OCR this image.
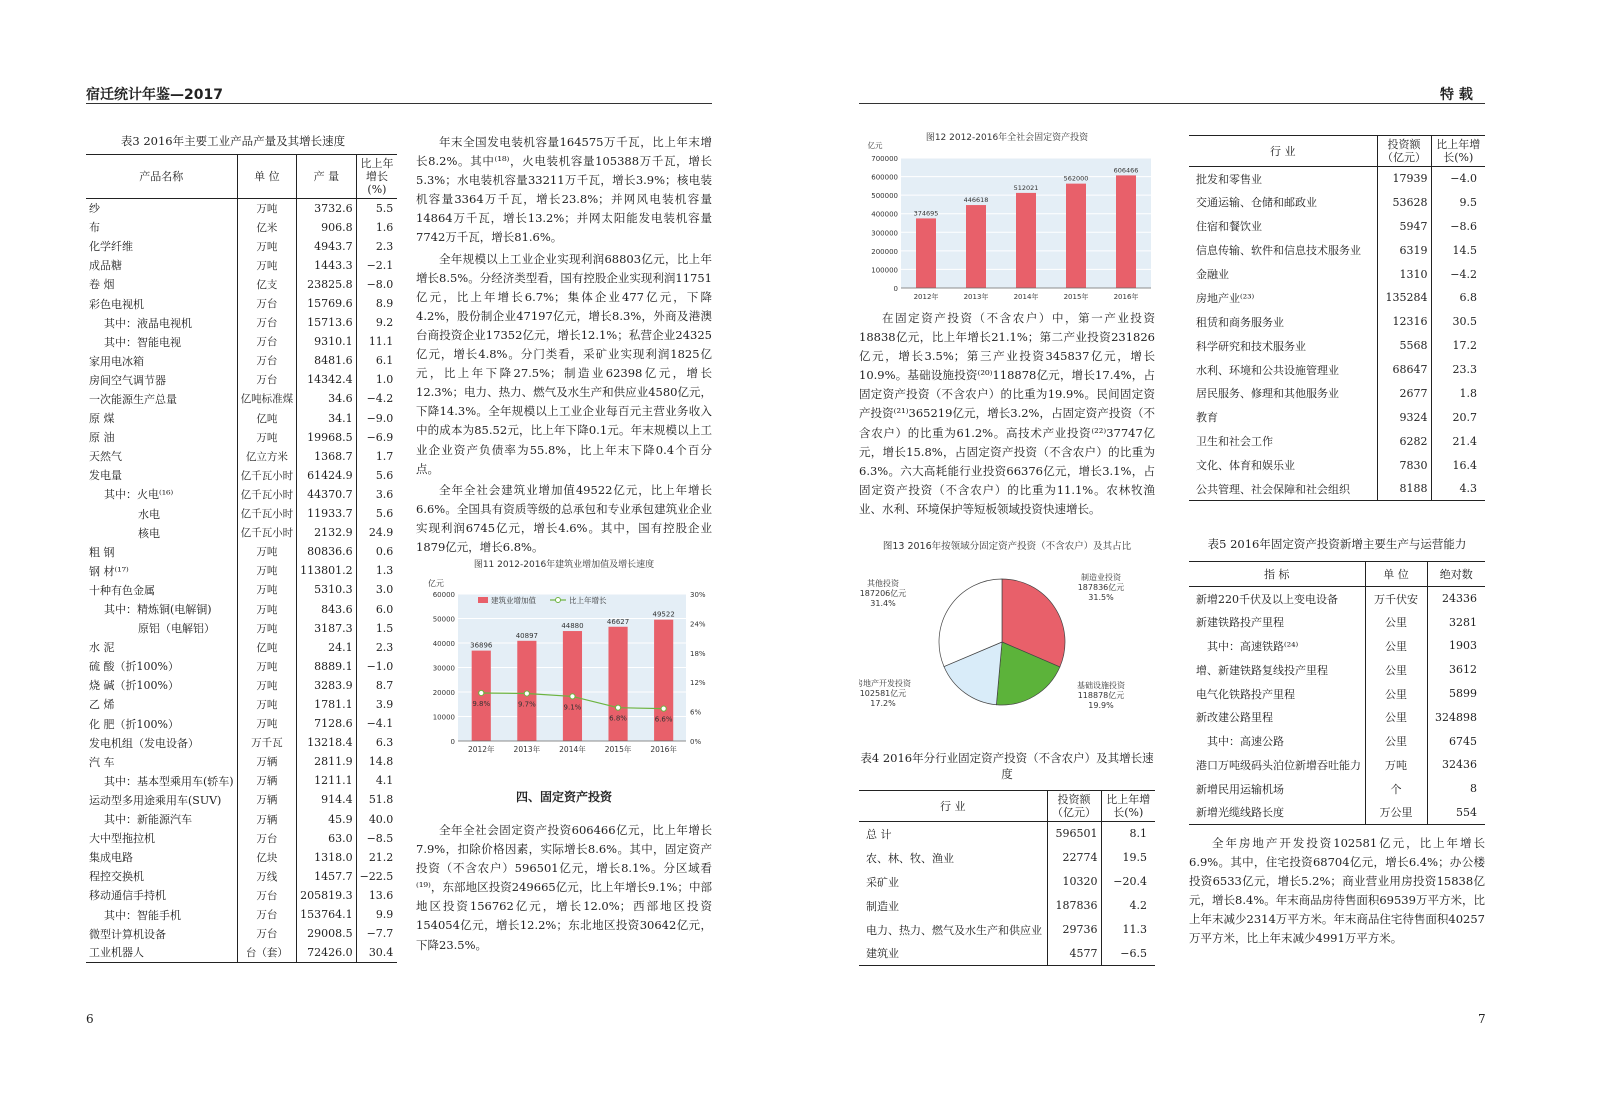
宿迁统计年鉴—2017	特 载
6	7
表3 2016年主要工业产品产量及其增长速度
产品名称	单 位	产 量	比上年增长(%)
纱	万吨	3732.6	5.5
布	亿米	906.8	1.6
化学纤维	万吨	4943.7	2.3
成品糖	万吨	1443.3	−2.1
卷 烟	亿支	23825.8	−8.0
彩色电视机	万台	15769.6	8.9
其中：液晶电视机	万台	15713.6	9.2
其中：智能电视	万台	9310.1	11.1
家用电冰箱	万台	8481.6	6.1
房间空气调节器	万台	14342.4	1.0
一次能源生产总量	亿吨标准煤	34.6	−4.2
原 煤	亿吨	34.1	−9.0
原 油	万吨	19968.5	−6.9
天然气	亿立方米	1368.7	1.7
发电量	亿千瓦小时	61424.9	5.6
其中：火电⁽¹⁶⁾	亿千瓦小时	44370.7	3.6
水电	亿千瓦小时	11933.7	5.6
核电	亿千瓦小时	2132.9	24.9
粗 钢	万吨	80836.6	0.6
钢 材⁽¹⁷⁾	万吨	113801.2	1.3
十种有色金属	万吨	5310.3	3.0
其中：精炼铜(电解铜)	万吨	843.6	6.0
原铝（电解铝）	万吨	3187.3	1.5
水 泥	亿吨	24.1	2.3
硫 酸（折100%）	万吨	8889.1	−1.0
烧 碱（折100%）	万吨	3283.9	8.7
乙 烯	万吨	1781.1	3.9
化 肥（折100%）	万吨	7128.6	−4.1
发电机组（发电设备）	万千瓦	13218.4	6.3
汽 车	万辆	2811.9	14.8
其中：基本型乘用车(轿车)	万辆	1211.1	4.1
运动型多用途乘用车(SUV)	万辆	914.4	51.8
其中：新能源汽车	万辆	45.9	40.0
大中型拖拉机	万台	63.0	−8.5
集成电路	亿块	1318.0	21.2
程控交换机	万线	1457.7	−22.5
移动通信手持机	万台	205819.3	13.6
其中：智能手机	万台	153764.1	9.9
微型计算机设备	万台	29008.5	−7.7
工业机器人	台（套）	72426.0	30.4

年末全国发电装机容量164575万千瓦，比上年末增长8.2%。其中⁽¹⁸⁾，火电装机容量105388万千瓦，增长5.3%；水电装机容量33211万千瓦，增长3.9%；核电装机容量3364万千瓦，增长23.8%；并网风电装机容量14864万千瓦，增长13.2%；并网太阳能发电装机容量7742万千瓦，增长81.6%。

全年规模以上工业企业实现利润68803亿元，比上年增长8.5%。分经济类型看，国有控股企业实现利润11751亿元，比上年增长6.7%；集体企业477亿元，下降4.2%，股份制企业47197亿元，增长8.3%，外商及港澳台商投资企业17352亿元，增长12.1%；私营企业24325亿元，增长4.8%。分门类看，采矿业实现利润1825亿元，比上年下降27.5%；制造业62398亿元，增长12.3%；电力、热力、燃气及水生产和供应业4580亿元，下降14.3%。全年规模以上工业企业每百元主营业务收入中的成本为85.52元，比上年下降0.1元。年末规模以上工业企业资产负债率为55.8%，比上年末下降0.4个百分点。

全年全社会建筑业增加值49522亿元，比上年增长6.6%。全国具有资质等级的总承包和专业承包建筑业企业实现利润6745亿元，增长4.6%。其中，国有控股企业1879亿元，增长6.8%。

图11 2012-2016年建筑业增加值及增长速度
亿元
0
10000
20000
30000
40000
50000
60000
0%
6%
12%
18%
24%
30%
建筑业增加值	比上年增长
36896
2012年
40897
2013年
44880
2014年
46627
2015年
49522
2016年
9.8%	9.7%	9.1%
6.8%	6.6%
四、固定资产投资

全年全社会固定资产投资606466亿元，比上年增长7.9%，扣除价格因素，实际增长8.6%。其中，固定资产投资（不含农户）596501亿元，增长8.1%。分区域看⁽¹⁹⁾，东部地区投资249665亿元，比上年增长9.1%；中部地区投资156762亿元，增长12.0%；西部地区投资154054亿元，增长12.2%；东北地区投资30642亿元，下降23.5%。

图12 2012-2016年全社会固定资产投资
亿元
0
100000
200000
300000
400000
500000
600000
700000
374695
2012年
446618
2013年
512021
2014年
562000
2015年
606466
2016年

在固定资产投资（不含农户）中，第一产业投资18838亿元，比上年增长21.1%；第二产业投资231826亿元，增长3.5%；第三产业投资345837亿元，增长10.9%。基础设施投资⁽²⁰⁾118878亿元，增长17.4%，占固定资产投资（不含农户）的比重为19.9%。民间固定资产投资⁽²¹⁾365219亿元，增长3.2%，占固定资产投资（不含农户）的比重为61.2%。高技术产业投资⁽²²⁾37747亿元，增长15.8%，占固定资产投资（不含农户）的比重为6.3%。六大高耗能行业投资66376亿元，增长3.1%，占固定资产投资（不含农户）的比重为11.1%。农林牧渔业、水利、环境保护等短板领域投资快速增长。

图13 2016年按领域分固定资产投资（不含农户）及其占比
制造业投资
187836亿元
31.5%
基础设施投资
118878亿元
19.9%
房地产开发投资
102581亿元
17.2%
其他投资
187206亿元
31.4%
表4 2016年分行业固定资产投资（不含农户）及其增长速度
行 业	投资额（亿元）	比上年增长(%)
总 计	596501	8.1
农、林、牧、渔业	22774	19.5
采矿业	10320	−20.4
制造业	187836	4.2
电力、热力、燃气及水生产和供应业	29736	11.3
建筑业	4577	−6.5
行 业	投资额（亿元）	比上年增长(%)
批发和零售业	17939	−4.0
交通运输、仓储和邮政业	53628	9.5
住宿和餐饮业	5947	−8.6
信息传输、软件和信息技术服务业	6319	14.5
金融业	1310	−4.2
房地产业⁽²³⁾	135284	6.8
租赁和商务服务业	12316	30.5
科学研究和技术服务业	5568	17.2
水利、环境和公共设施管理业	68647	23.3
居民服务、修理和其他服务业	2677	1.8
教育	9324	20.7
卫生和社会工作	6282	21.4
文化、体育和娱乐业	7830	16.4
公共管理、社会保障和社会组织	8188	4.3
表5 2016年固定资产投资新增主要生产与运营能力
指 标	单 位	绝对数
新增220千伏及以上变电设备	万千伏安	24336
新建铁路投产里程	公里	3281
其中：高速铁路⁽²⁴⁾	公里	1903
增、新建铁路复线投产里程	公里	3612
电气化铁路投产里程	公里	5899
新改建公路里程	公里	324898
其中：高速公路	公里	6745
港口万吨级码头泊位新增吞吐能力	万吨	32436
新增民用运输机场	个	8
新增光缆线路长度	万公里	554

全年房地产开发投资102581亿元，比上年增长6.9%。其中，住宅投资68704亿元，增长6.4%；办公楼投资6533亿元，增长5.2%；商业营业用房投资15838亿元，增长8.4%。年末商品房待售面积69539万平方米，比上年末减少2314万平方米。年末商品住宅待售面积40257万平方米，比上年末减少4991万平方米。
